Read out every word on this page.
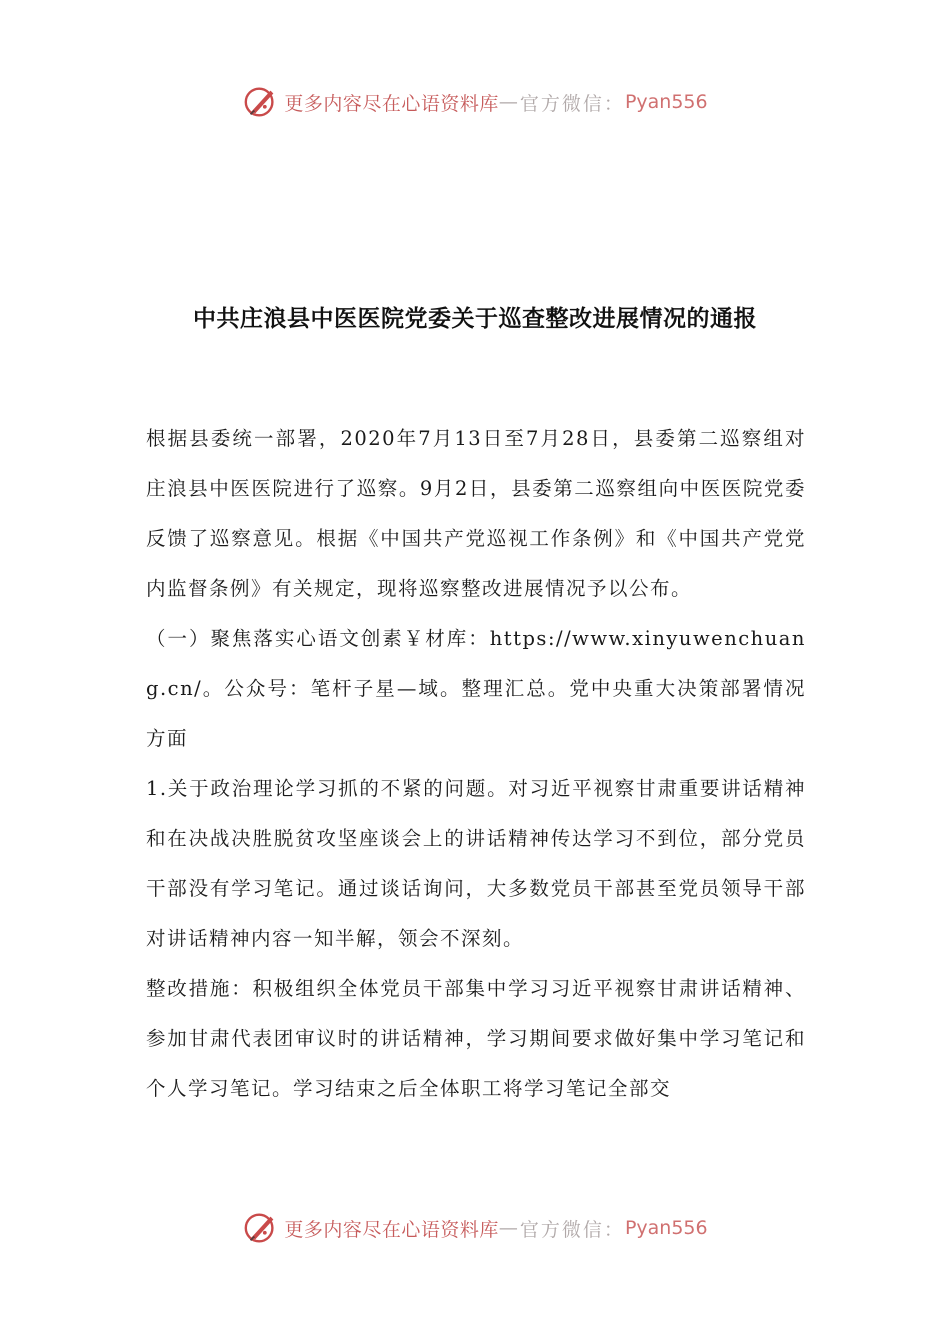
更多内容尽在心语资料库 — 官方微信： Pyan556
中共庄浪县中医医院党委关于巡查整改进展情况的通报

根据县委统一部署，2020年7月13日至7月28日，县委第二巡察组对庄浪县中医医院进行了巡察。9月2日，县委第二巡察组向中医医院党委反馈了巡察意见。根据《中国共产党巡视工作条例》和《中国共产党党内监督条例》有关规定，现将巡察整改进展情况予以公布。

（一）聚焦落实心语文创素￥材库：https://www.xinyuwenchuang.cn/。公众号：笔杆子星—域。整理汇总。党中央重大决策部署情况方面

1.关于政治理论学习抓的不紧的问题。对习近平视察甘肃重要讲话精神和在决战决胜脱贫攻坚座谈会上的讲话精神传达学习不到位，部分党员干部没有学习笔记。通过谈话询问，大多数党员干部甚至党员领导干部对讲话精神内容一知半解，领会不深刻。

整改措施：积极组织全体党员干部集中学习习近平视察甘肃讲话精神、参加甘肃代表团审议时的讲话精神，学习期间要求做好集中学习笔记和个人学习笔记。学习结束之后全体职工将学习笔记全部交

更多内容尽在心语资料库 — 官方微信： Pyan556
